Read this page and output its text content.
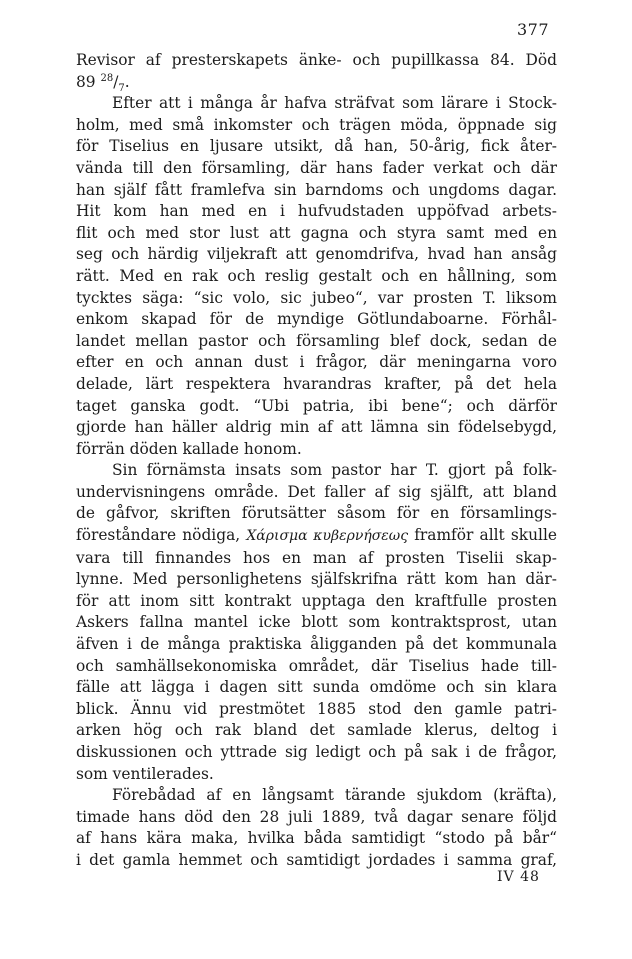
377
Revisor af presterskapets änke- och pupillkassa 84. Död
89 $^{28}/_7$.
Efter att i många år hafva sträfvat som lärare i Stock-
holm, med små inkomster och trägen möda, öppnade sig
för Tiselius en ljusare utsikt, då han, 50-årig, fick åter-
vända till den församling, där hans fader verkat och där
han själf fått framlefva sin barndoms och ungdoms dagar.
Hit kom han med en i hufvudstaden uppöfvad arbets-
flit och med stor lust att gagna och styra samt med en
seg och härdig viljekraft att genomdrifva, hvad han ansåg
rätt. Med en rak och reslig gestalt och en hållning, som
tycktes säga: “sic volo, sic jubeo“, var prosten T. liksom
enkom skapad för de myndige Götlundaboarne. Förhål-
landet mellan pastor och församling blef dock, sedan de
efter en och annan dust i frågor, där meningarna voro
delade, lärt respektera hvarandras krafter, på det hela
taget ganska godt. “Ubi patria, ibi bene“; och därför
gjorde han häller aldrig min af att lämna sin födelsebygd,
förrän döden kallade honom.
Sin förnämsta insats som pastor har T. gjort på folk-
undervisningens område. Det faller af sig själft, att bland
de gåfvor, skriften förutsätter såsom för en församlings-
föreståndare nödiga, Χάρισμα κυβερνήσεως framför allt skulle
vara till finnandes hos en man af prosten Tiselii skap-
lynne. Med personlighetens själfskrifna rätt kom han där-
för att inom sitt kontrakt upptaga den kraftfulle prosten
Askers fallna mantel icke blott som kontraktsprost, utan
äfven i de många praktiska åligganden på det kommunala
och samhällsekonomiska området, där Tiselius hade till-
fälle att lägga i dagen sitt sunda omdöme och sin klara
blick. Ännu vid prestmötet 1885 stod den gamle patri-
arken hög och rak bland det samlade klerus, deltog i
diskussionen och yttrade sig ledigt och på sak i de frågor,
som ventilerades.
Förebådad af en långsamt tärande sjukdom (kräfta),
timade hans död den 28 juli 1889, två dagar senare följd
af hans kära maka, hvilka båda samtidigt “stodo på bår“
i det gamla hemmet och samtidigt jordades i samma graf,
IV 48
